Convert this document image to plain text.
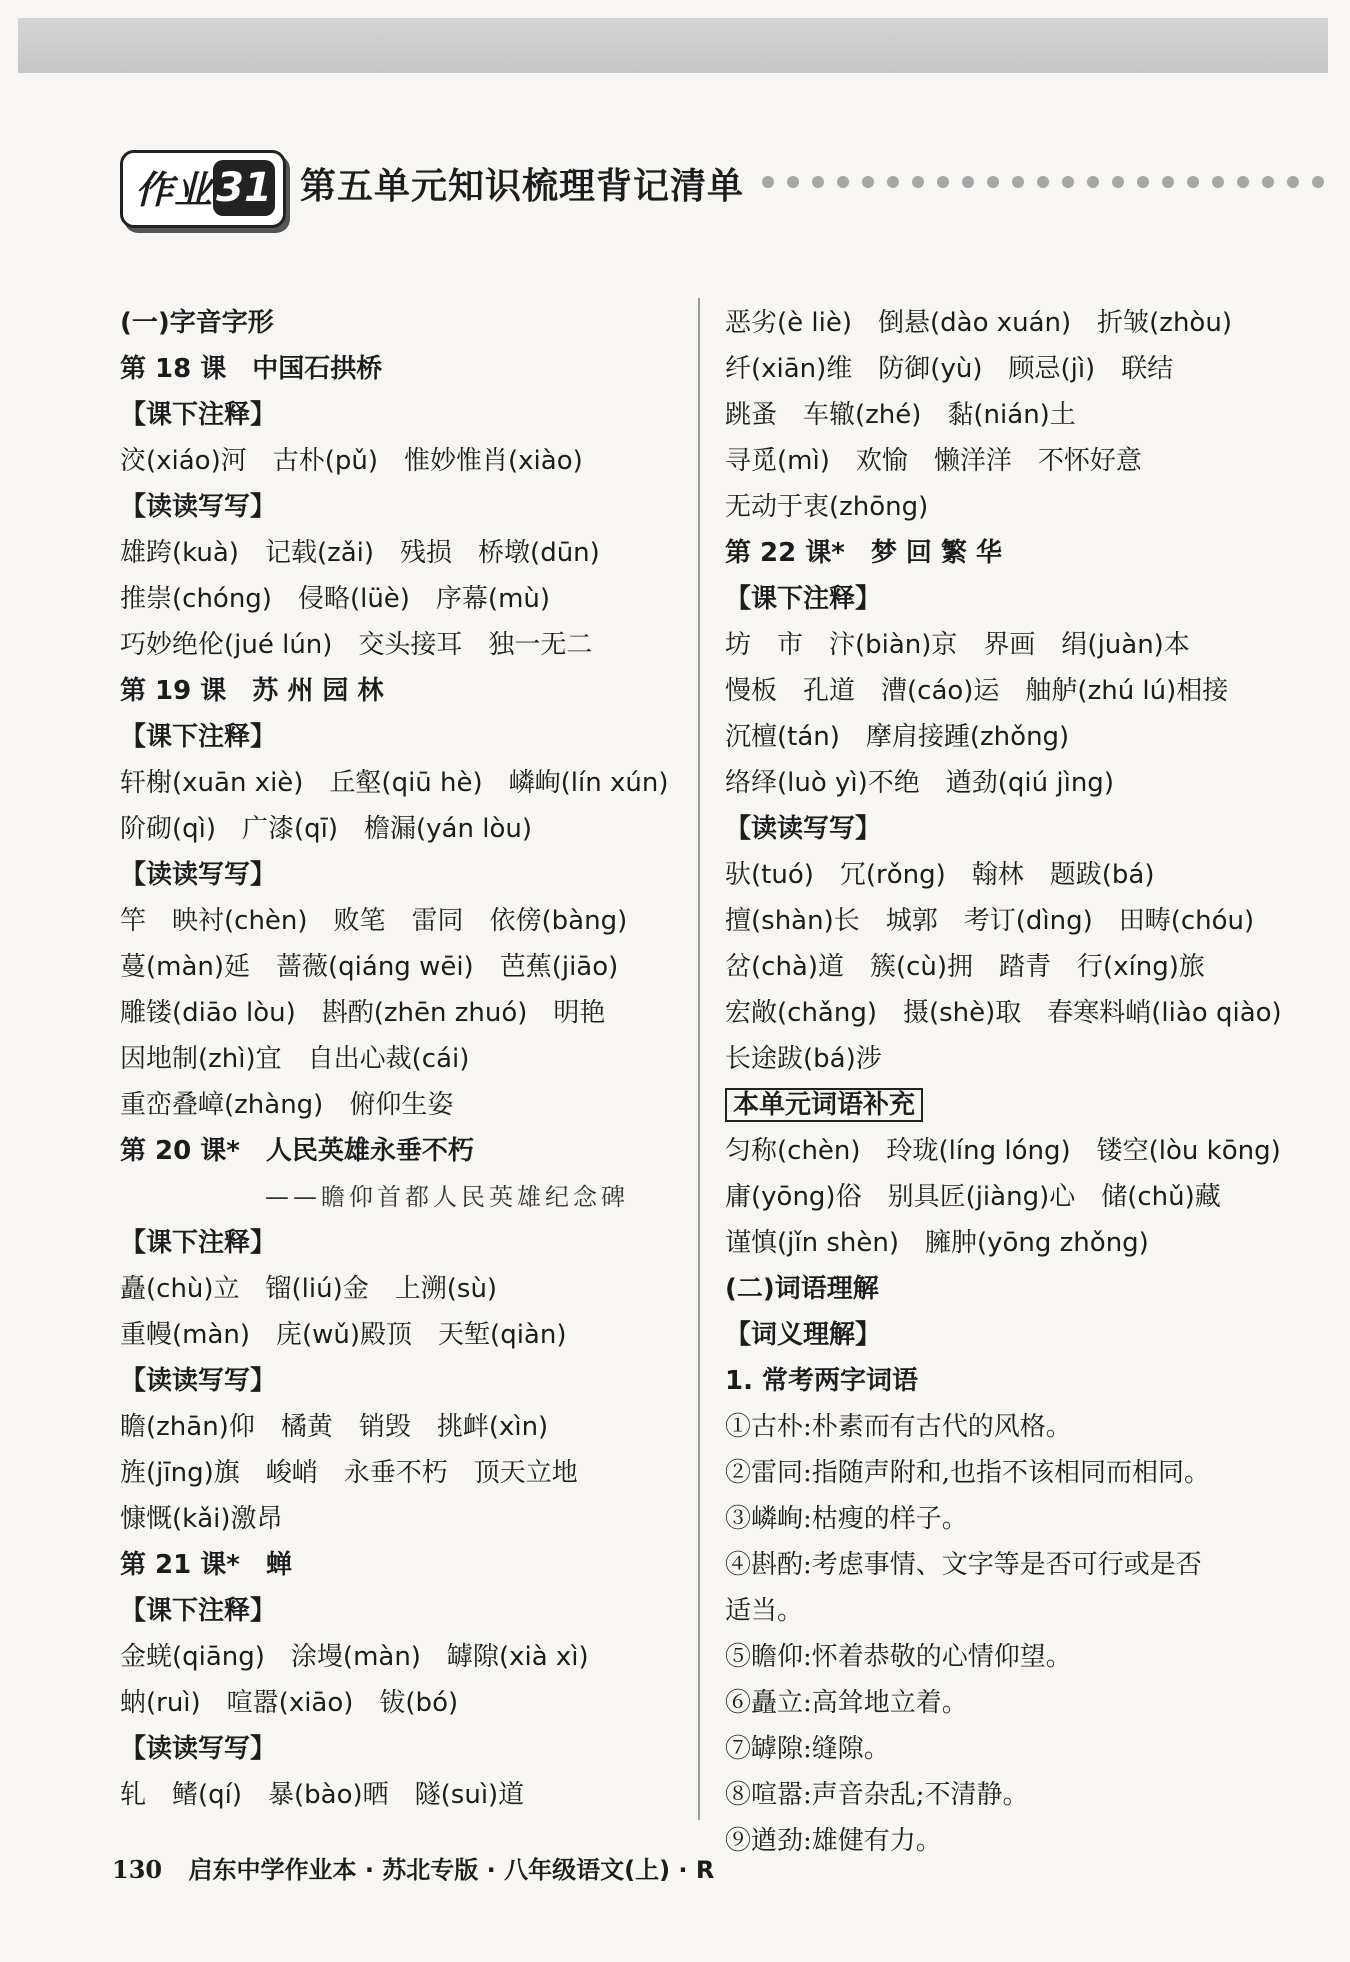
作业 31 第五单元知识梳理背记清单
(一)字音字形
第 18 课　中国石拱桥
【课下注释】
洨(xiáo)河　古朴(pǔ)　惟妙惟肖(xiào)
【读读写写】
雄跨(kuà)　记载(zǎi)　残损　桥墩(dūn)
推崇(chóng)　侵略(lüè)　序幕(mù)
巧妙绝伦(jué lún)　交头接耳　独一无二
第 19 课　苏 州 园 林
【课下注释】
轩榭(xuān xiè)　丘壑(qiū hè)　嶙峋(lín xún)
阶砌(qì)　广漆(qī)　檐漏(yán lòu)
【读读写写】
竿　映衬(chèn)　败笔　雷同　依傍(bàng)
蔓(màn)延　蔷薇(qiáng wēi)　芭蕉(jiāo)
雕镂(diāo lòu)　斟酌(zhēn zhuó)　明艳
因地制(zhì)宜　自出心裁(cái)
重峦叠嶂(zhàng)　俯仰生姿
第 20 课*　人民英雄永垂不朽
——瞻仰首都人民英雄纪念碑
【课下注释】
矗(chù)立　镏(liú)金　上溯(sù)
重幔(màn)　庑(wǔ)殿顶　天堑(qiàn)
【读读写写】
瞻(zhān)仰　橘黄　销毁　挑衅(xìn)
旌(jīng)旗　峻峭　永垂不朽　顶天立地
慷慨(kǎi)激昂
第 21 课*　蝉
【课下注释】
金蜣(qiāng)　涂墁(màn)　罅隙(xià xì)
蚋(ruì)　喧嚣(xiāo)　钹(bó)
【读读写写】
轧　鳍(qí)　暴(bào)晒　隧(suì)道
恶劣(è liè)　倒悬(dào xuán)　折皱(zhòu)
纤(xiān)维　防御(yù)　顾忌(jì)　联结
跳蚤　车辙(zhé)　黏(nián)土
寻觅(mì)　欢愉　懒洋洋　不怀好意
无动于衷(zhōng)
第 22 课*　梦 回 繁 华
【课下注释】
坊　市　汴(biàn)京　界画　绢(juàn)本
慢板　孔道　漕(cáo)运　舳舻(zhú lú)相接
沉檀(tán)　摩肩接踵(zhǒng)
络绎(luò yì)不绝　遒劲(qiú jìng)
【读读写写】
驮(tuó)　冗(rǒng)　翰林　题跋(bá)
擅(shàn)长　城郭　考订(dìng)　田畴(chóu)
岔(chà)道　簇(cù)拥　踏青　行(xíng)旅
宏敞(chǎng)　摄(shè)取　春寒料峭(liào qiào)
长途跋(bá)涉
本单元词语补充
匀称(chèn)　玲珑(líng lóng)　镂空(lòu kōng)
庸(yōng)俗　别具匠(jiàng)心　储(chǔ)藏
谨慎(jǐn shèn)　臃肿(yōng zhǒng)
(二)词语理解
【词义理解】
1. 常考两字词语
①古朴:朴素而有古代的风格。
②雷同:指随声附和,也指不该相同而相同。
③嶙峋:枯瘦的样子。
④斟酌:考虑事情、文字等是否可行或是否
适当。
⑤瞻仰:怀着恭敬的心情仰望。
⑥矗立:高耸地立着。
⑦罅隙:缝隙。
⑧喧嚣:声音杂乱;不清静。
⑨遒劲:雄健有力。
130 启东中学作业本 · 苏北专版 · 八年级语文(上) · R
